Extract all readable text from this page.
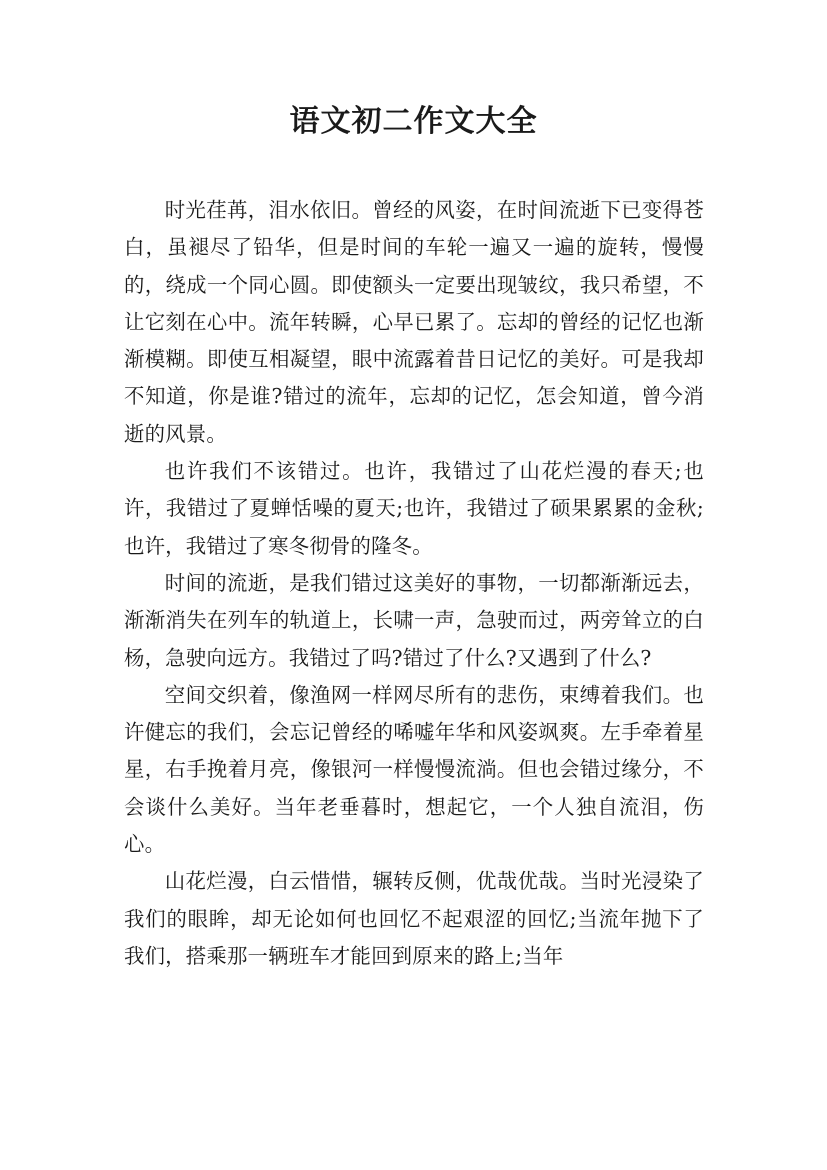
语文初二作文大全

时光荏苒，泪水依旧。曾经的风姿，在时间流逝下已变得苍白，虽褪尽了铅华，但是时间的车轮一遍又一遍的旋转，慢慢的，绕成一个同心圆。即使额头一定要出现皱纹，我只希望，不让它刻在心中。流年转瞬，心早已累了。忘却的曾经的记忆也渐渐模糊。即使互相凝望，眼中流露着昔日记忆的美好。可是我却不知道，你是谁?错过的流年，忘却的记忆，怎会知道，曾今消逝的风景。

也许我们不该错过。也许，我错过了山花烂漫的春天;也许，我错过了夏蝉恬噪的夏天;也许，我错过了硕果累累的金秋;也许，我错过了寒冬彻骨的隆冬。

时间的流逝，是我们错过这美好的事物，一切都渐渐远去，渐渐消失在列车的轨道上，长啸一声，急驶而过，两旁耸立的白杨，急驶向远方。我错过了吗?错过了什么?又遇到了什么?

空间交织着，像渔网一样网尽所有的悲伤，束缚着我们。也许健忘的我们，会忘记曾经的唏嘘年华和风姿飒爽。左手牵着星星，右手挽着月亮，像银河一样慢慢流淌。但也会错过缘分，不会谈什么美好。当年老垂暮时，想起它，一个人独自流泪，伤心。

山花烂漫，白云惜惜，辗转反侧，优哉优哉。当时光浸染了我们的眼眸，却无论如何也回忆不起艰涩的回忆;当流年抛下了我们，搭乘那一辆班车才能回到原来的路上;当年
